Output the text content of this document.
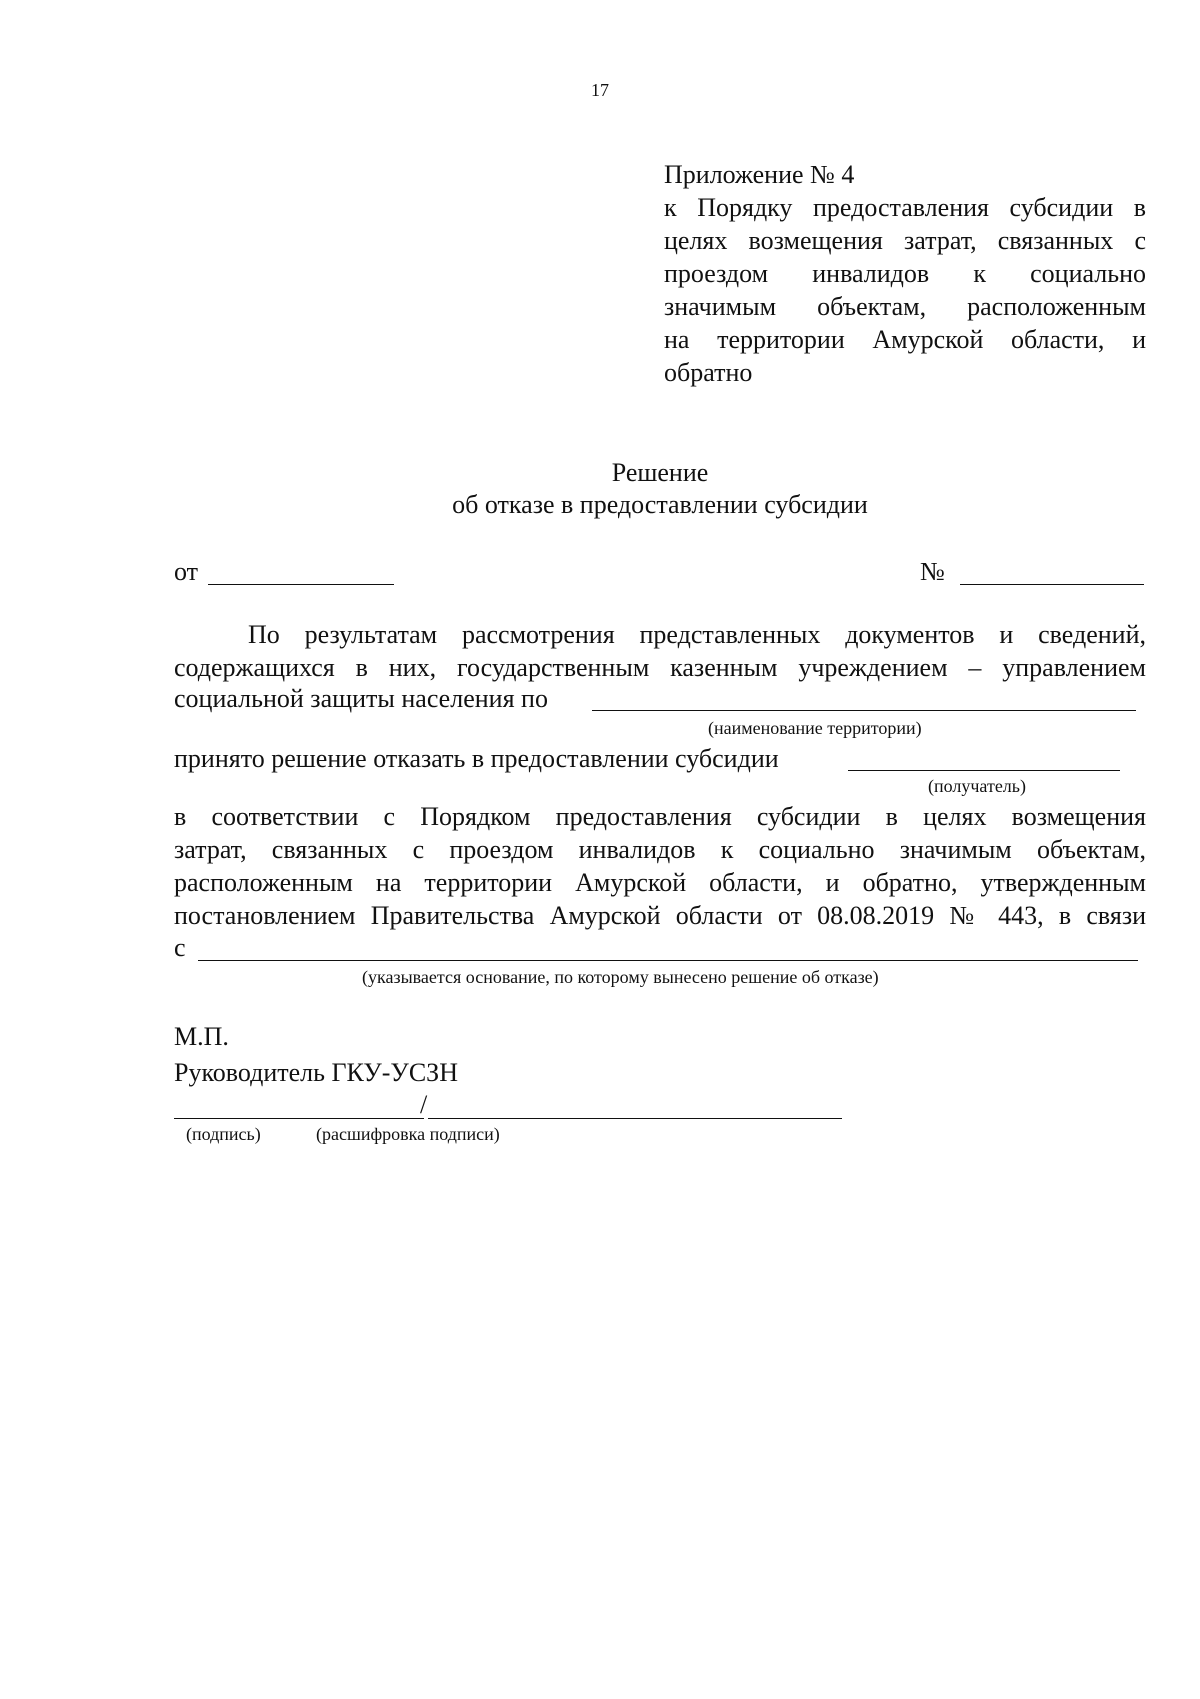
17
Приложение № 4
к Порядку предоставления субсидии в
целях возмещения затрат, связанных с
проездом инвалидов к социально
значимым объектам, расположенным
на территории Амурской области, и
обратно
Решение
об отказе в предоставлении субсидии
от	№
По результатам рассмотрения представленных документов и сведений,
содержащихся в них, государственным казенным учреждением – управлением
социальной защиты населения по
(наименование территории)
принято решение отказать в предоставлении субсидии
(получатель)
в соответствии с Порядком предоставления субсидии в целях возмещения
затрат, связанных с проездом инвалидов к социально значимым объектам,
расположенным на территории Амурской области, и обратно, утвержденным
постановлением Правительства Амурской области от 08.08.2019 № 443, в связи
с
(указывается основание, по которому вынесено решение об отказе)
М.П.
Руководитель ГКУ-УСЗН
/
(подпись)	(расшифровка подписи)
